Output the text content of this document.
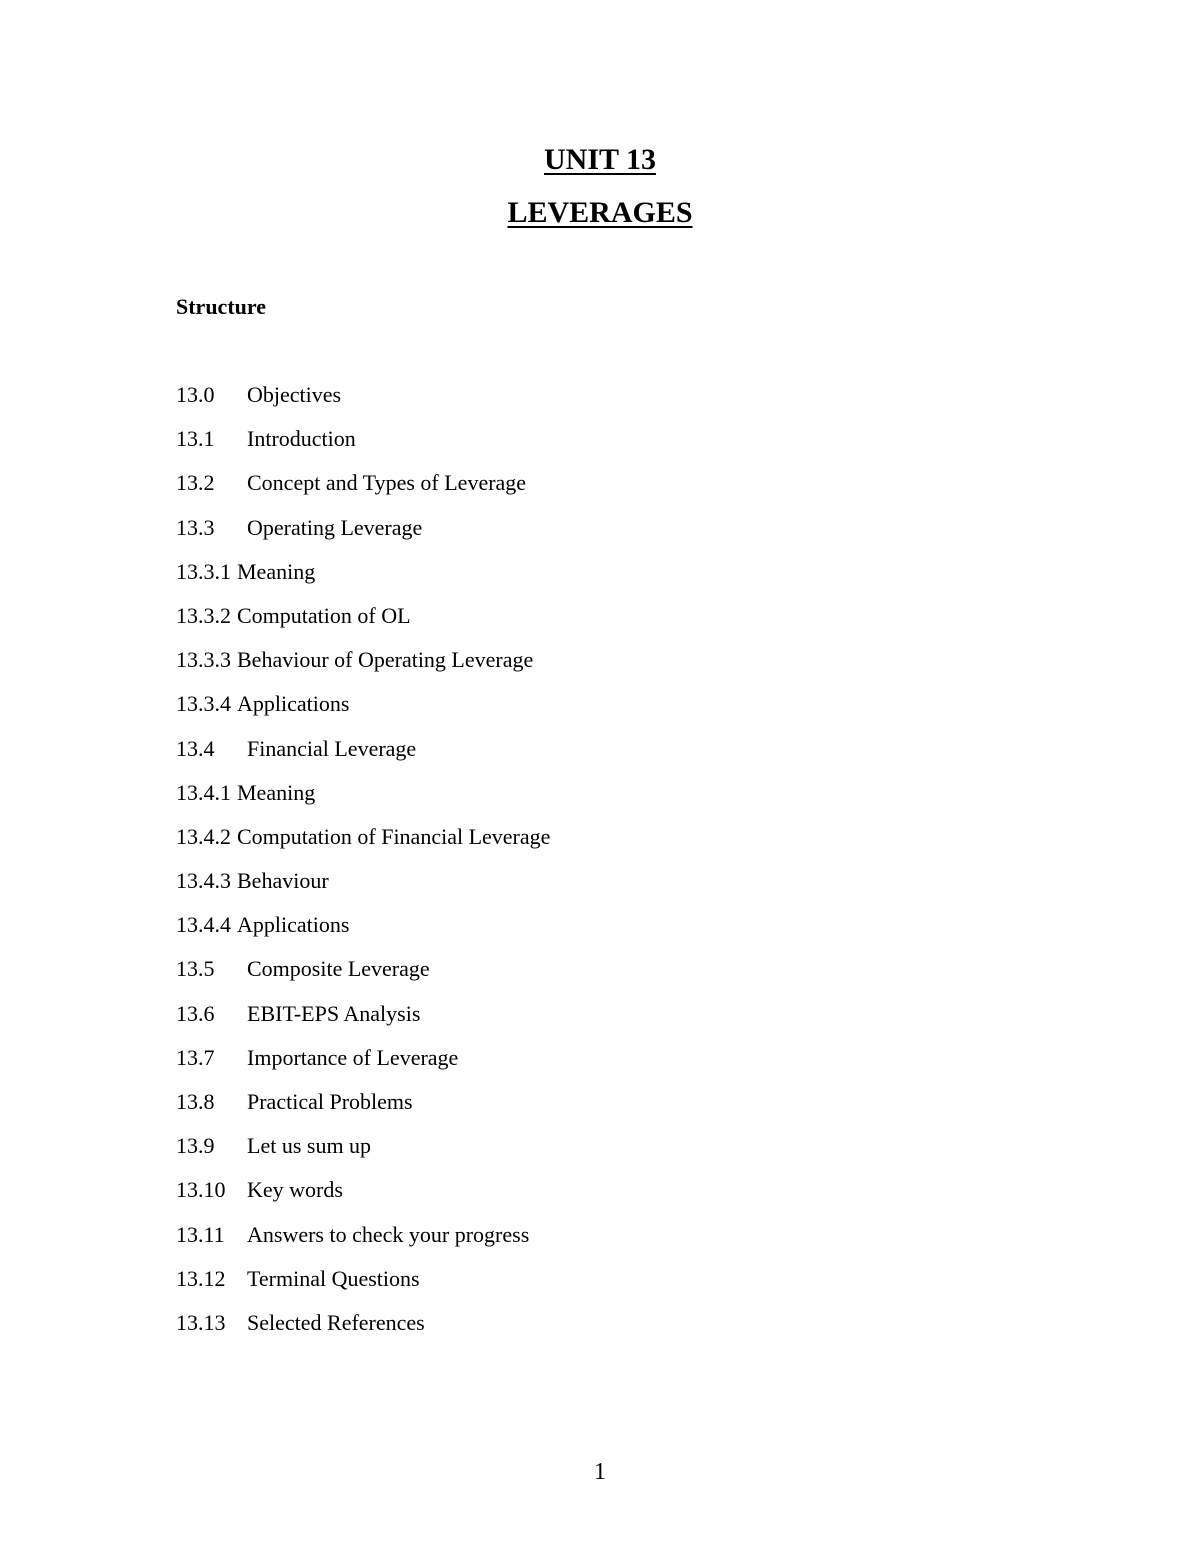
UNIT 13
LEVERAGES
Structure
13.0 Objectives
13.1 Introduction
13.2 Concept and Types of Leverage
13.3 Operating Leverage
13.3.1 Meaning
13.3.2 Computation of OL
13.3.3 Behaviour of Operating Leverage
13.3.4 Applications
13.4 Financial Leverage
13.4.1 Meaning
13.4.2 Computation of Financial Leverage
13.4.3 Behaviour
13.4.4 Applications
13.5 Composite Leverage
13.6 EBIT-EPS Analysis
13.7 Importance of Leverage
13.8 Practical Problems
13.9 Let us sum up
13.10 Key words
13.11 Answers to check your progress
13.12 Terminal Questions
13.13 Selected References
1
